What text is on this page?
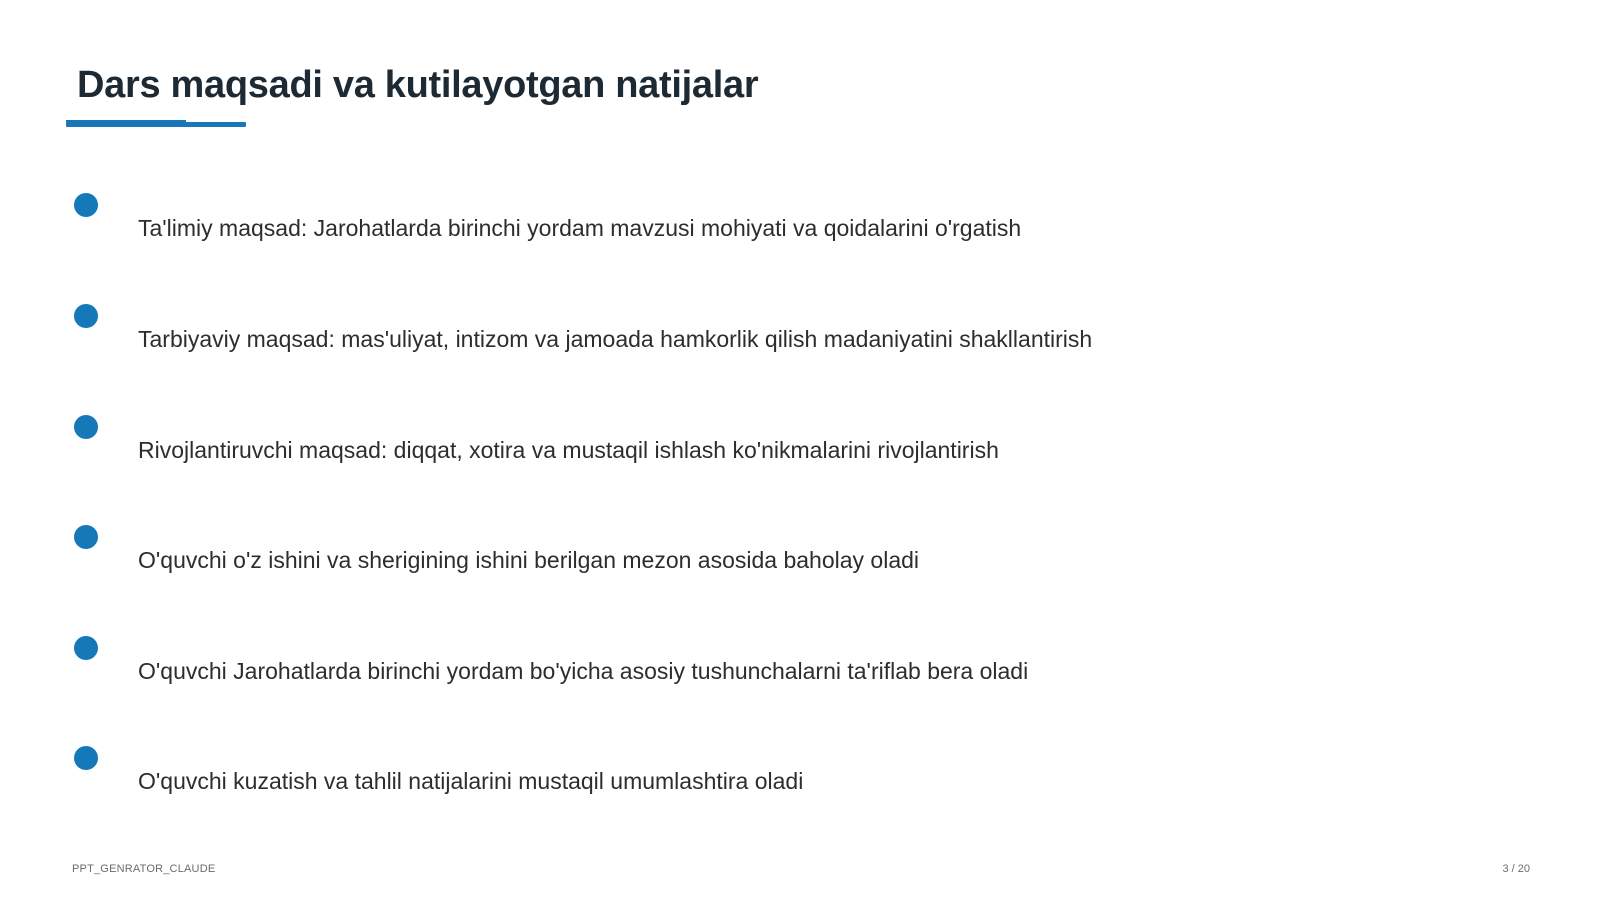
Dars maqsadi va kutilayotgan natijalar
Ta'limiy maqsad: Jarohatlarda birinchi yordam mavzusi mohiyati va qoidalarini o'rgatish
Tarbiyaviy maqsad: mas'uliyat, intizom va jamoada hamkorlik qilish madaniyatini shakllantirish
Rivojlantiruvchi maqsad: diqqat, xotira va mustaqil ishlash ko'nikmalarini rivojlantirish
O'quvchi o'z ishini va sherigining ishini berilgan mezon asosida baholay oladi
O'quvchi Jarohatlarda birinchi yordam bo'yicha asosiy tushunchalarni ta'riflab bera oladi
O'quvchi kuzatish va tahlil natijalarini mustaqil umumlashtira oladi
PPT_GENRATOR_CLAUDE	3 / 20
